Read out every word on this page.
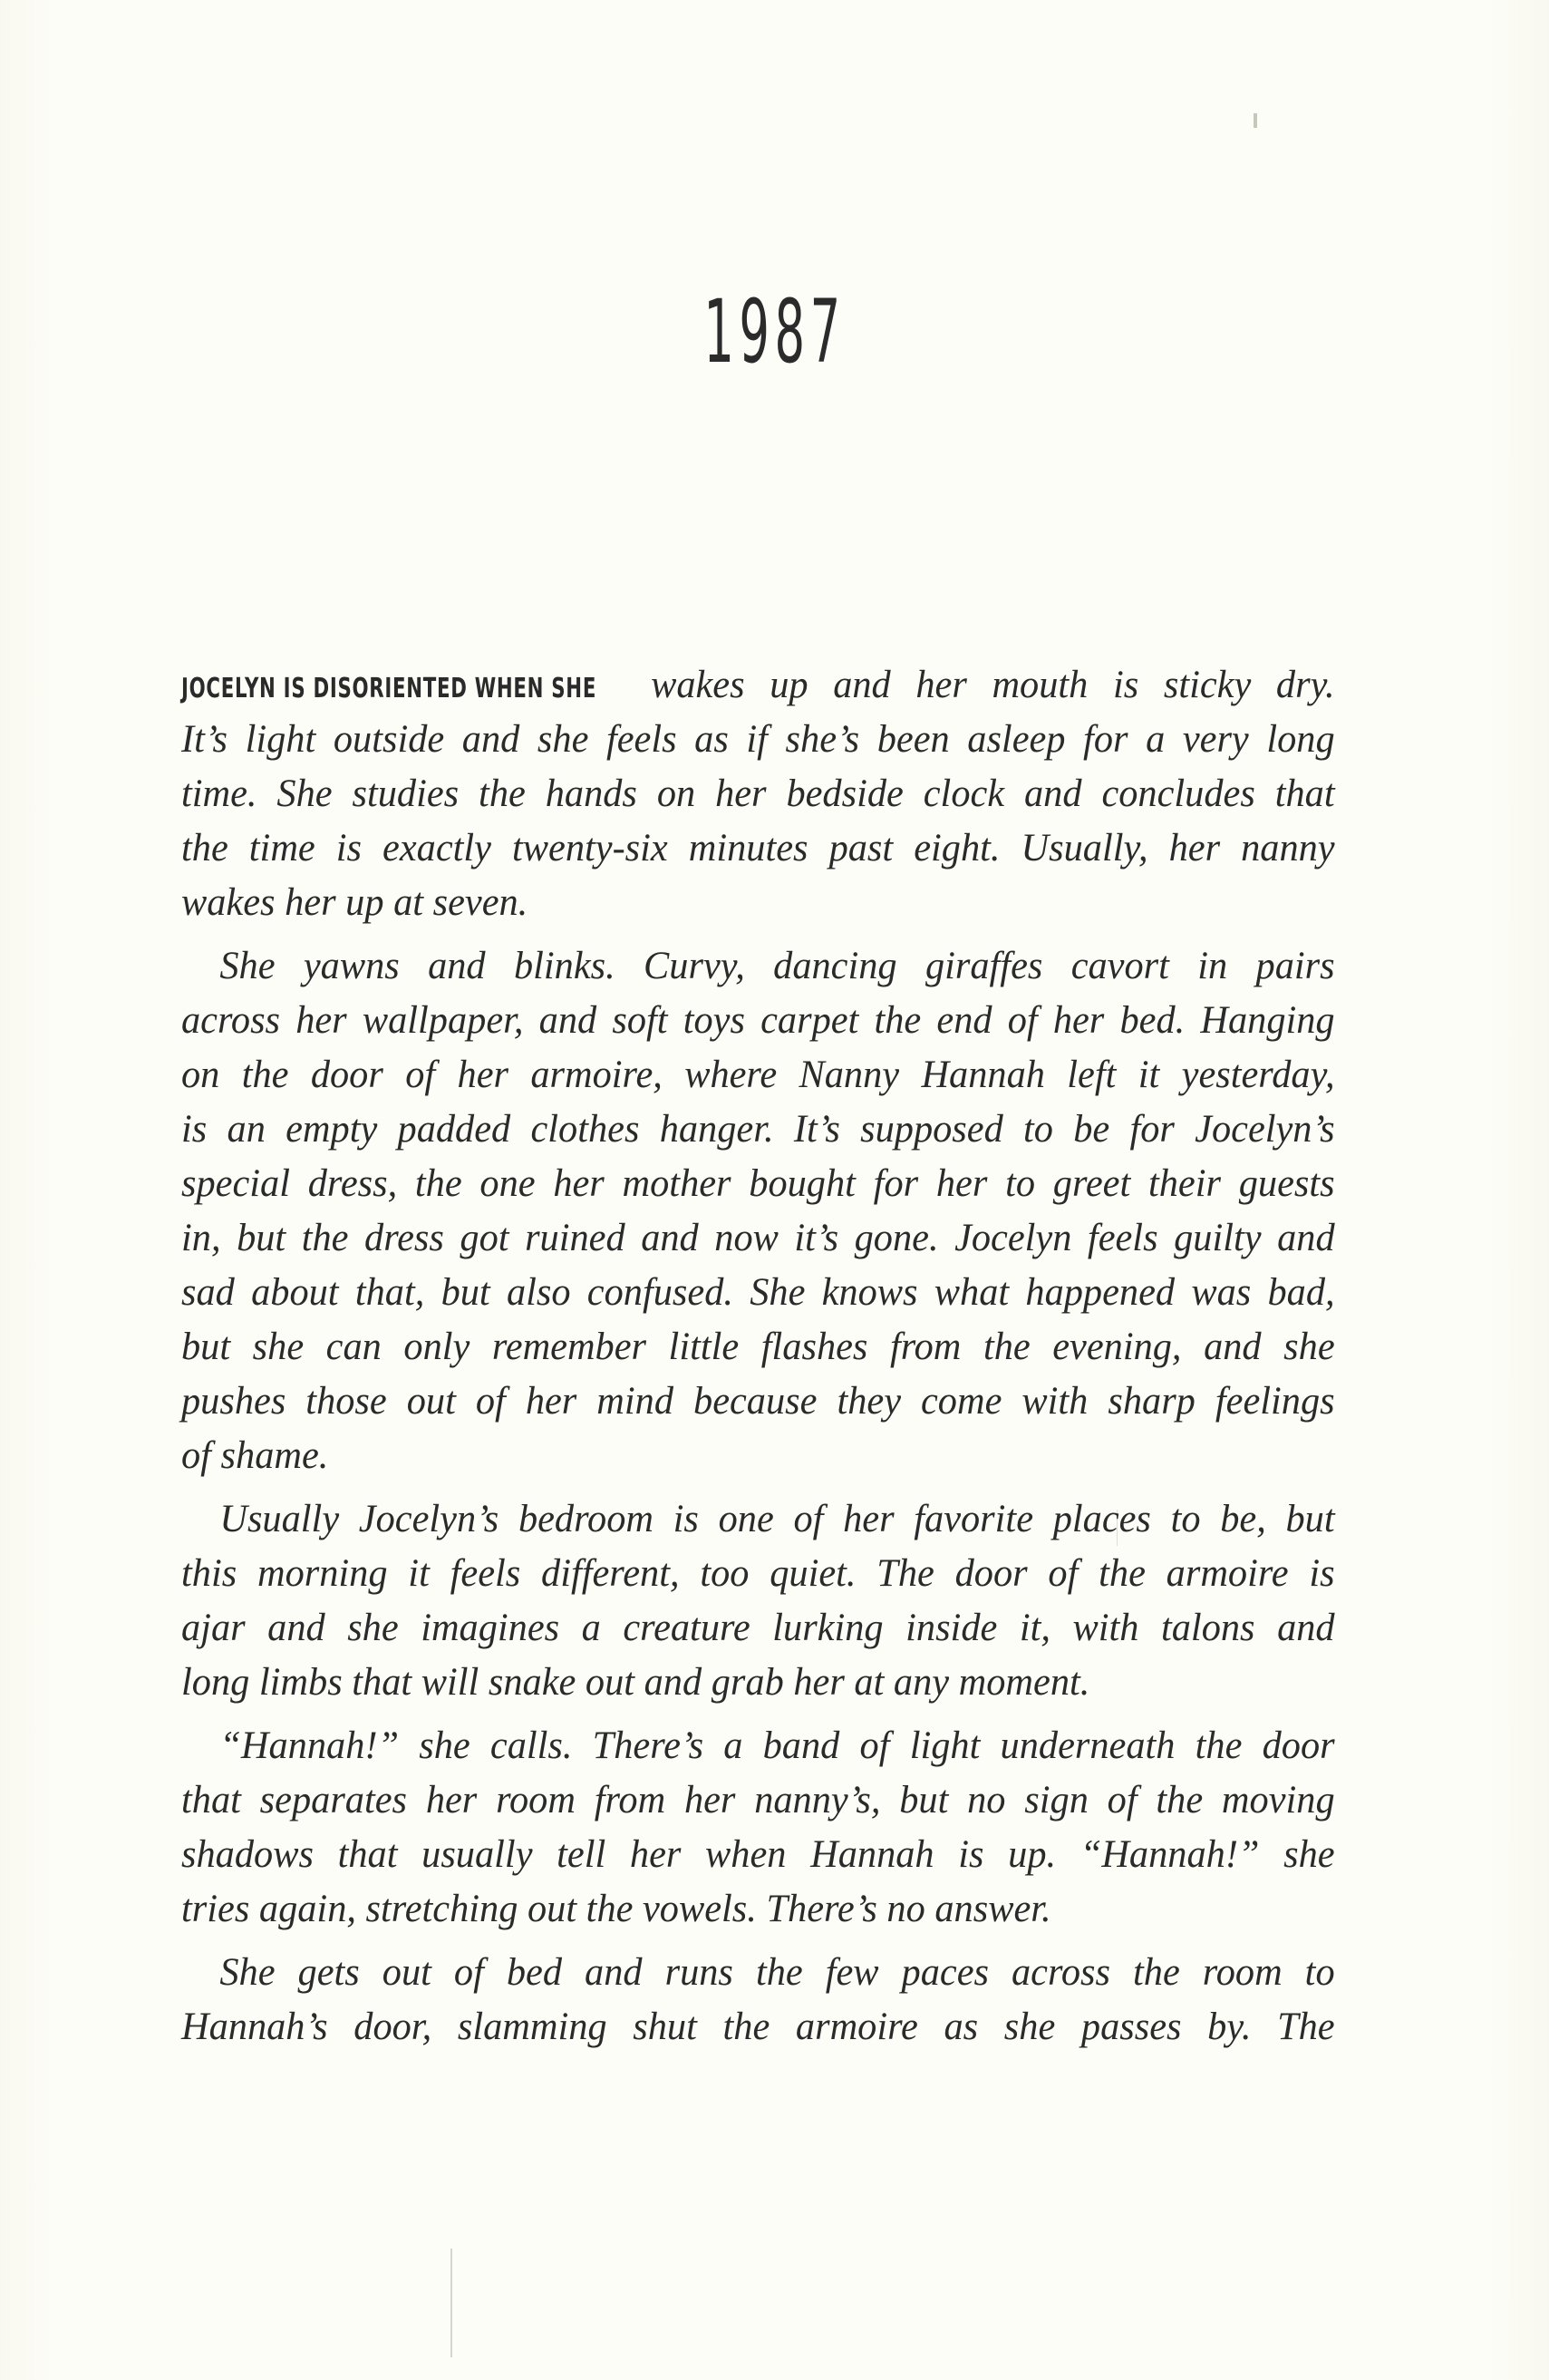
1987
JOCELYN IS DISORIENTED WHEN SHE wakes up and her mouth is sticky dry.
It’s light outside and she feels as if she’s been asleep for a very long
time. She studies the hands on her bedside clock and concludes that
the time is exactly twenty-six minutes past eight. Usually, her nanny
wakes her up at seven.
She yawns and blinks. Curvy, dancing giraffes cavort in pairs
across her wallpaper, and soft toys carpet the end of her bed. Hanging
on the door of her armoire, where Nanny Hannah left it yesterday,
is an empty padded clothes hanger. It’s supposed to be for Jocelyn’s
special dress, the one her mother bought for her to greet their guests
in, but the dress got ruined and now it’s gone. Jocelyn feels guilty and
sad about that, but also confused. She knows what happened was bad,
but she can only remember little flashes from the evening, and she
pushes those out of her mind because they come with sharp feelings
of shame.
Usually Jocelyn’s bedroom is one of her favorite places to be, but
this morning it feels different, too quiet. The door of the armoire is
ajar and she imagines a creature lurking inside it, with talons and
long limbs that will snake out and grab her at any moment.
“Hannah!” she calls. There’s a band of light underneath the door
that separates her room from her nanny’s, but no sign of the moving
shadows that usually tell her when Hannah is up. “Hannah!” she
tries again, stretching out the vowels. There’s no answer.
She gets out of bed and runs the few paces across the room to
Hannah’s door, slamming shut the armoire as she passes by. The
